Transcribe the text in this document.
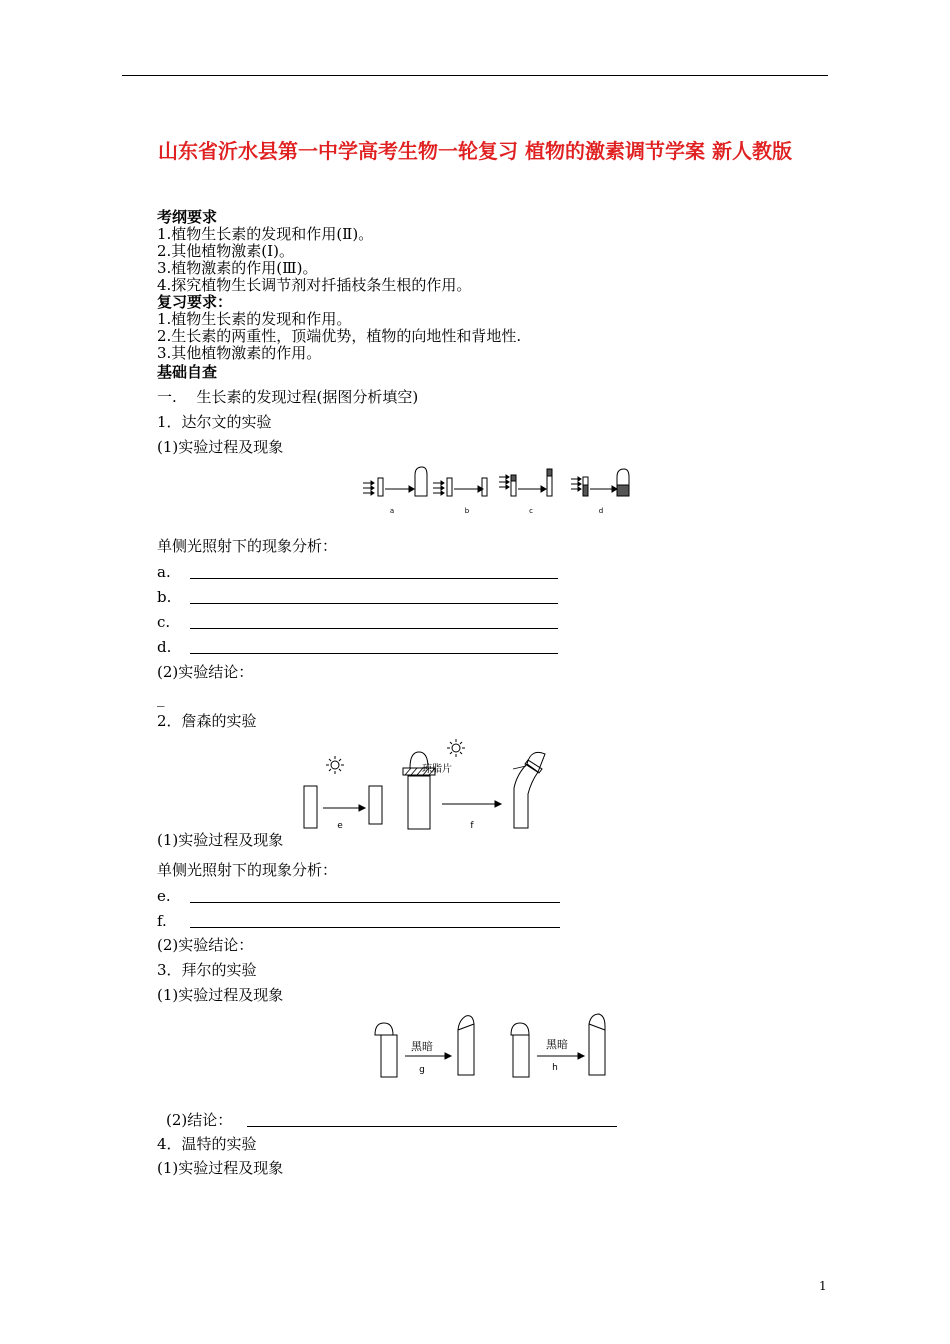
山东省沂水县第一中学高考生物一轮复习 植物的激素调节学案 新人教版
考纲要求
1.植物生长素的发现和作用(Ⅱ)。
2.其他植物激素(Ⅰ)。
3.植物激素的作用(Ⅲ)。
4.探究植物生长调节剂对扦插枝条生根的作用。
复习要求：
1.植物生长素的发现和作用。
2.生长素的两重性，顶端优势，植物的向地性和背地性.
3.其他植物激素的作用。
基础自查
一.　 生长素的发现过程(据图分析填空)
1．达尔文的实验
(1)实验过程及现象
a	b	c	d
单侧光照射下的现象分析：
a.
b.
c.
d.
(2)实验结论：
_
2．詹森的实验
琼脂片
e	f
(1)实验过程及现象
单侧光照射下的现象分析：
e.
f.
(2)实验结论：
3．拜尔的实验
(1)实验过程及现象
黑暗	黑暗
g	h
(2)结论：
4．温特的实验
(1)实验过程及现象
1
